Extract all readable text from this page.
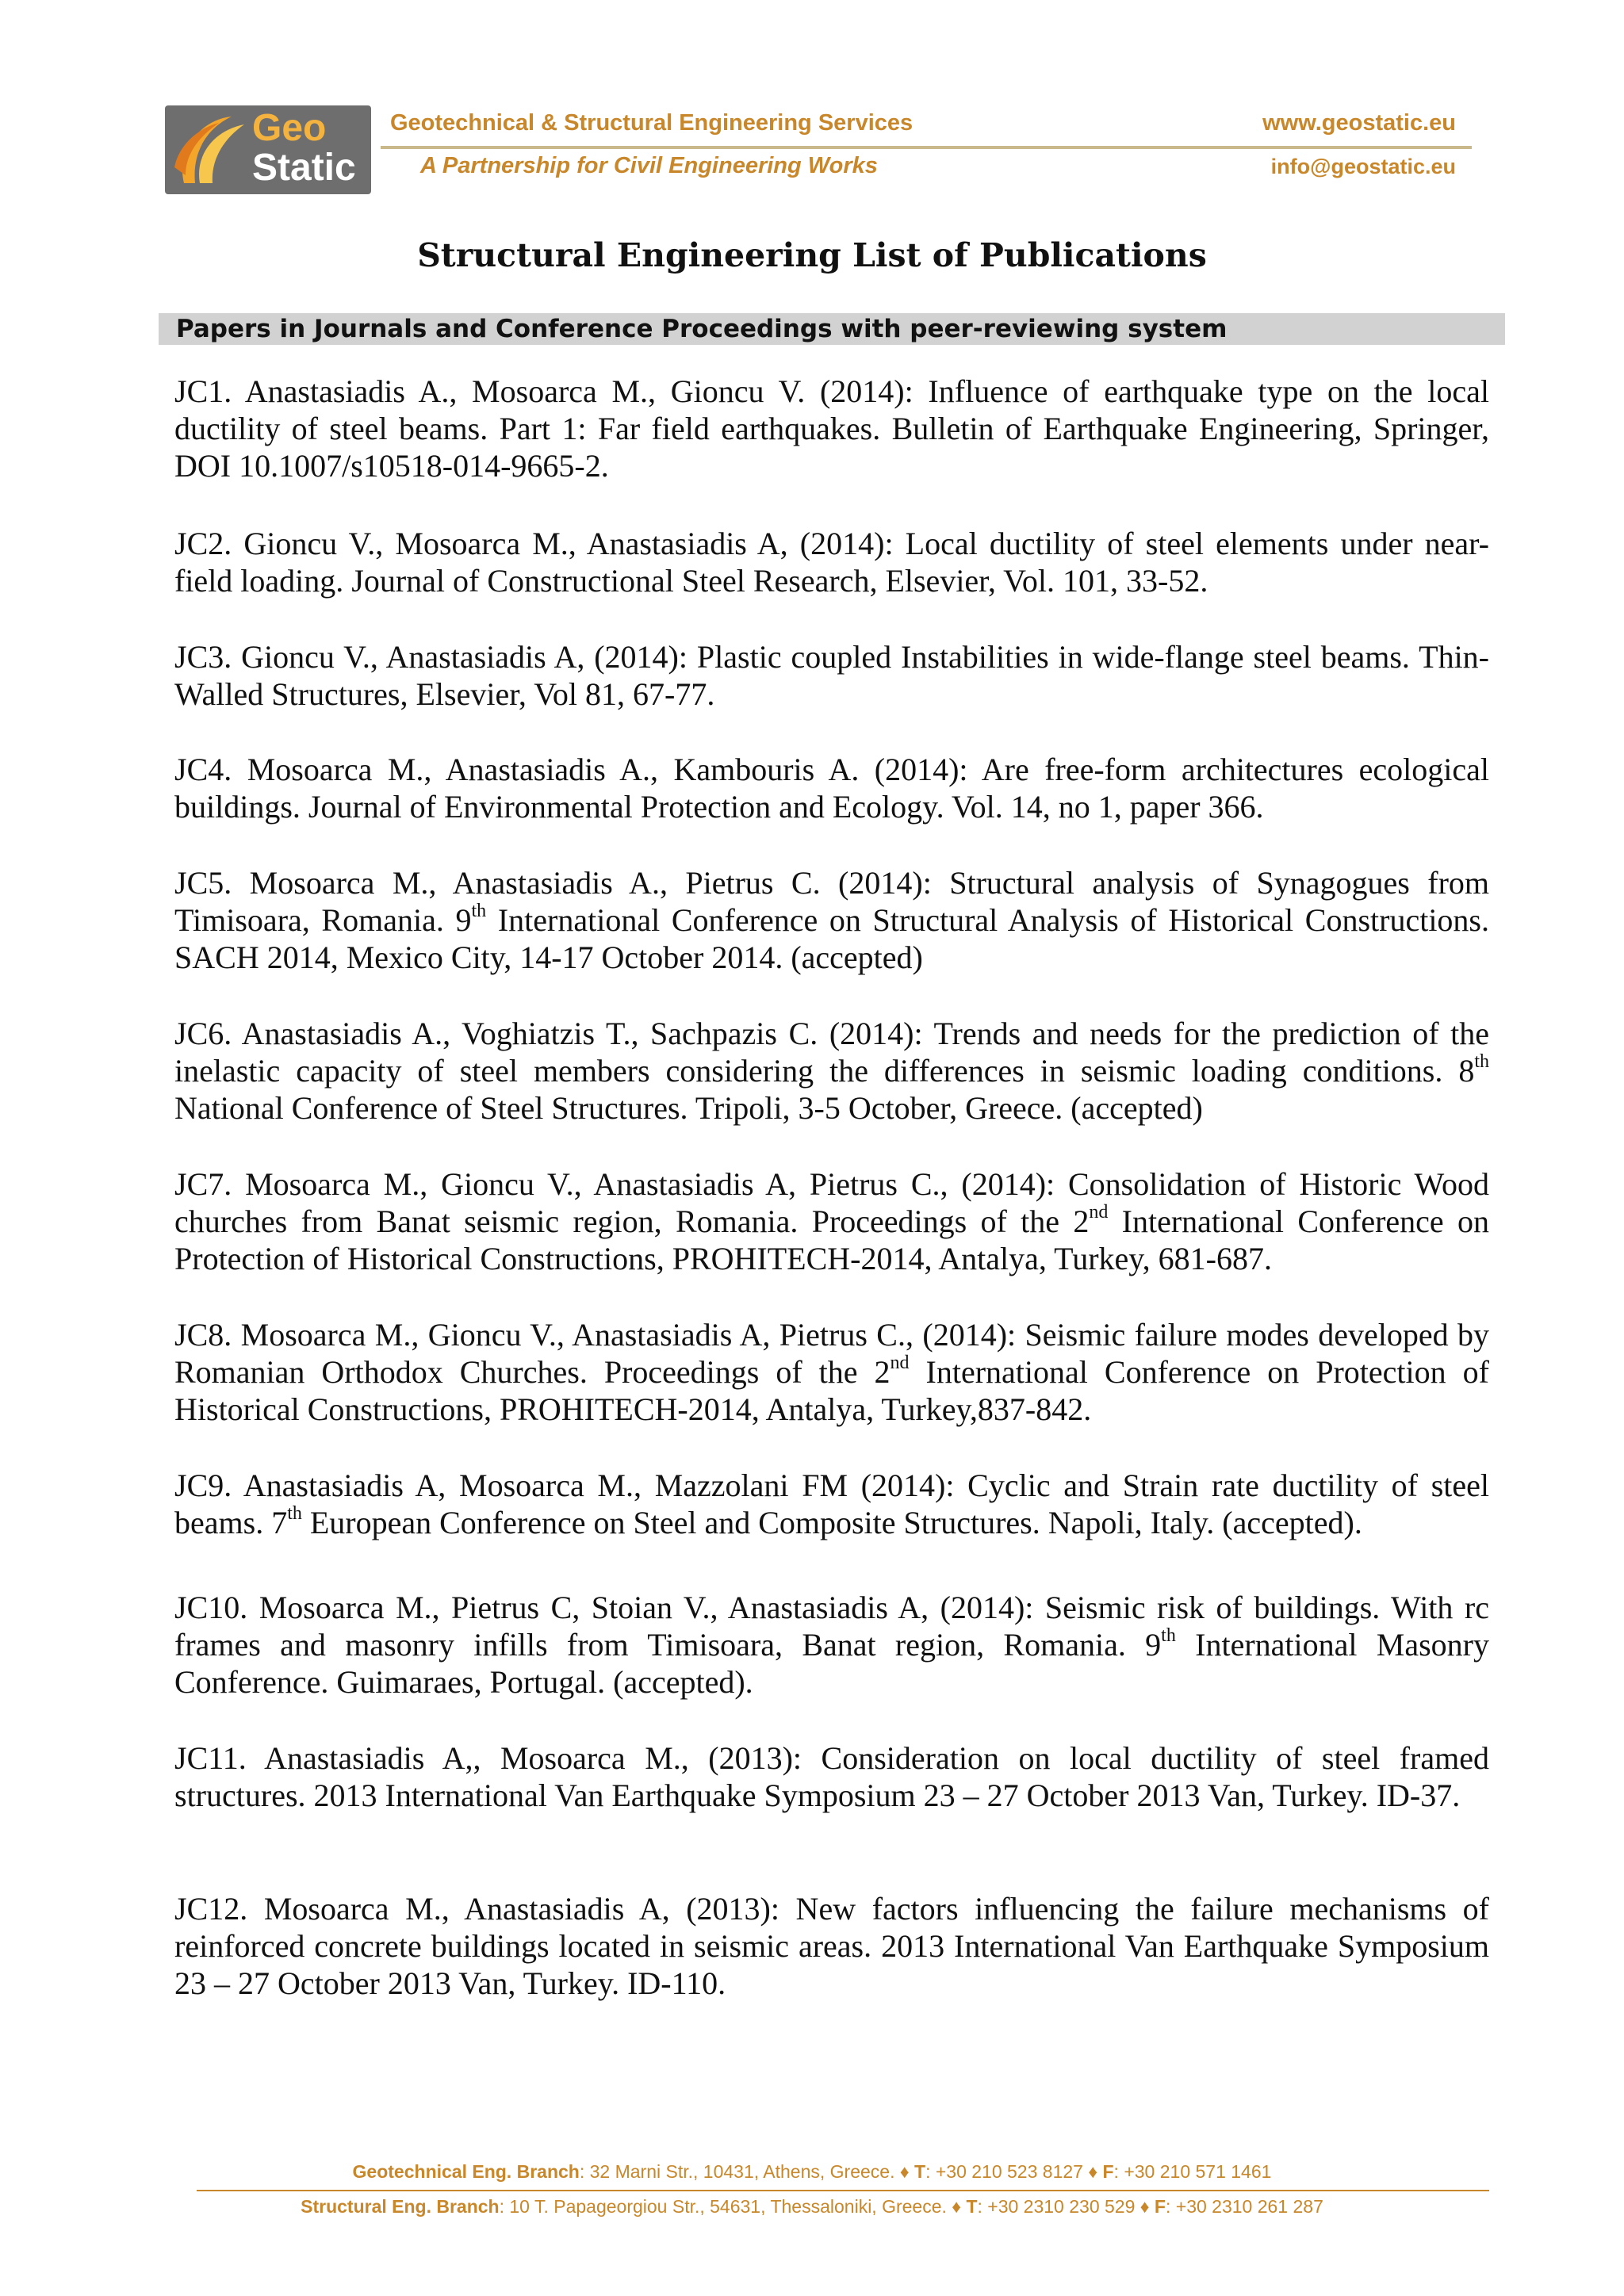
Geo
Static
Geotechnical & Structural Engineering Services	www.geostatic.eu
A Partnership for Civil Engineering Works	info@geostatic.eu
Structural Engineering List of Publications
Papers in Journals and Conference Proceedings with peer-reviewing system

JC1. Anastasiadis A., Mosoarca M., Gioncu V. (2014): Influence of earthquake type on the local ductility of steel beams. Part 1: Far field earthquakes. Bulletin of Earthquake Engineering, Springer, DOI 10.1007/s10518-014-9665-2.

JC2. Gioncu V., Mosoarca M., Anastasiadis A, (2014): Local ductility of steel elements under near-field loading. Journal of Constructional Steel Research, Elsevier, Vol. 101, 33-52.

JC3. Gioncu V., Anastasiadis A, (2014): Plastic coupled Instabilities in wide-flange steel beams. Thin-Walled Structures, Elsevier, Vol 81, 67-77.

JC4. Mosoarca M., Anastasiadis A., Kambouris A. (2014): Are free-form architectures ecological buildings. Journal of Environmental Protection and Ecology. Vol. 14, no 1, paper 366.

JC5. Mosoarca M., Anastasiadis A., Pietrus C. (2014): Structural analysis of Synagogues from Timisoara, Romania. 9th International Conference on Structural Analysis of Historical Constructions. SACH 2014, Mexico City, 14-17 October 2014. (accepted)

JC6. Anastasiadis A., Voghiatzis T., Sachpazis C. (2014): Trends and needs for the prediction of the inelastic capacity of steel members considering the differences in seismic loading conditions. 8th National Conference of Steel Structures. Tripoli, 3-5 October, Greece. (accepted)

JC7. Mosoarca M., Gioncu V., Anastasiadis A, Pietrus C., (2014): Consolidation of Historic Wood churches from Banat seismic region, Romania. Proceedings of the 2nd International Conference on Protection of Historical Constructions, PROHITECH-2014, Antalya, Turkey, 681-687.

JC8. Mosoarca M., Gioncu V., Anastasiadis A, Pietrus C., (2014): Seismic failure modes developed by Romanian Orthodox Churches. Proceedings of the 2nd International Conference on Protection of Historical Constructions, PROHITECH-2014, Antalya, Turkey,837-842.

JC9. Anastasiadis A, Mosoarca M., Mazzolani FM (2014): Cyclic and Strain rate ductility of steel beams. 7th European Conference on Steel and Composite Structures. Napoli, Italy. (accepted).

JC10. Mosoarca M., Pietrus C, Stoian V., Anastasiadis A, (2014): Seismic risk of buildings. With rc frames and masonry infills from Timisoara, Banat region, Romania. 9th International Masonry Conference. Guimaraes, Portugal. (accepted).

JC11. Anastasiadis A,, Mosoarca M., (2013): Consideration on local ductility of steel framed structures. 2013 International Van Earthquake Symposium 23 – 27 October 2013 Van, Turkey. ID-37.

JC12. Mosoarca M., Anastasiadis A, (2013): New factors influencing the failure mechanisms of reinforced concrete buildings located in seismic areas. 2013 International Van Earthquake Symposium 23 – 27 October 2013 Van, Turkey. ID-110.

Geotechnical Eng. Branch: 32 Marni Str., 10431, Athens, Greece. ♦ T: +30 210 523 8127 ♦ F: +30 210 571 1461
Structural Eng. Branch: 10 T. Papageorgiou Str., 54631, Thessaloniki, Greece. ♦ T: +30 2310 230 529 ♦ F: +30 2310 261 287
